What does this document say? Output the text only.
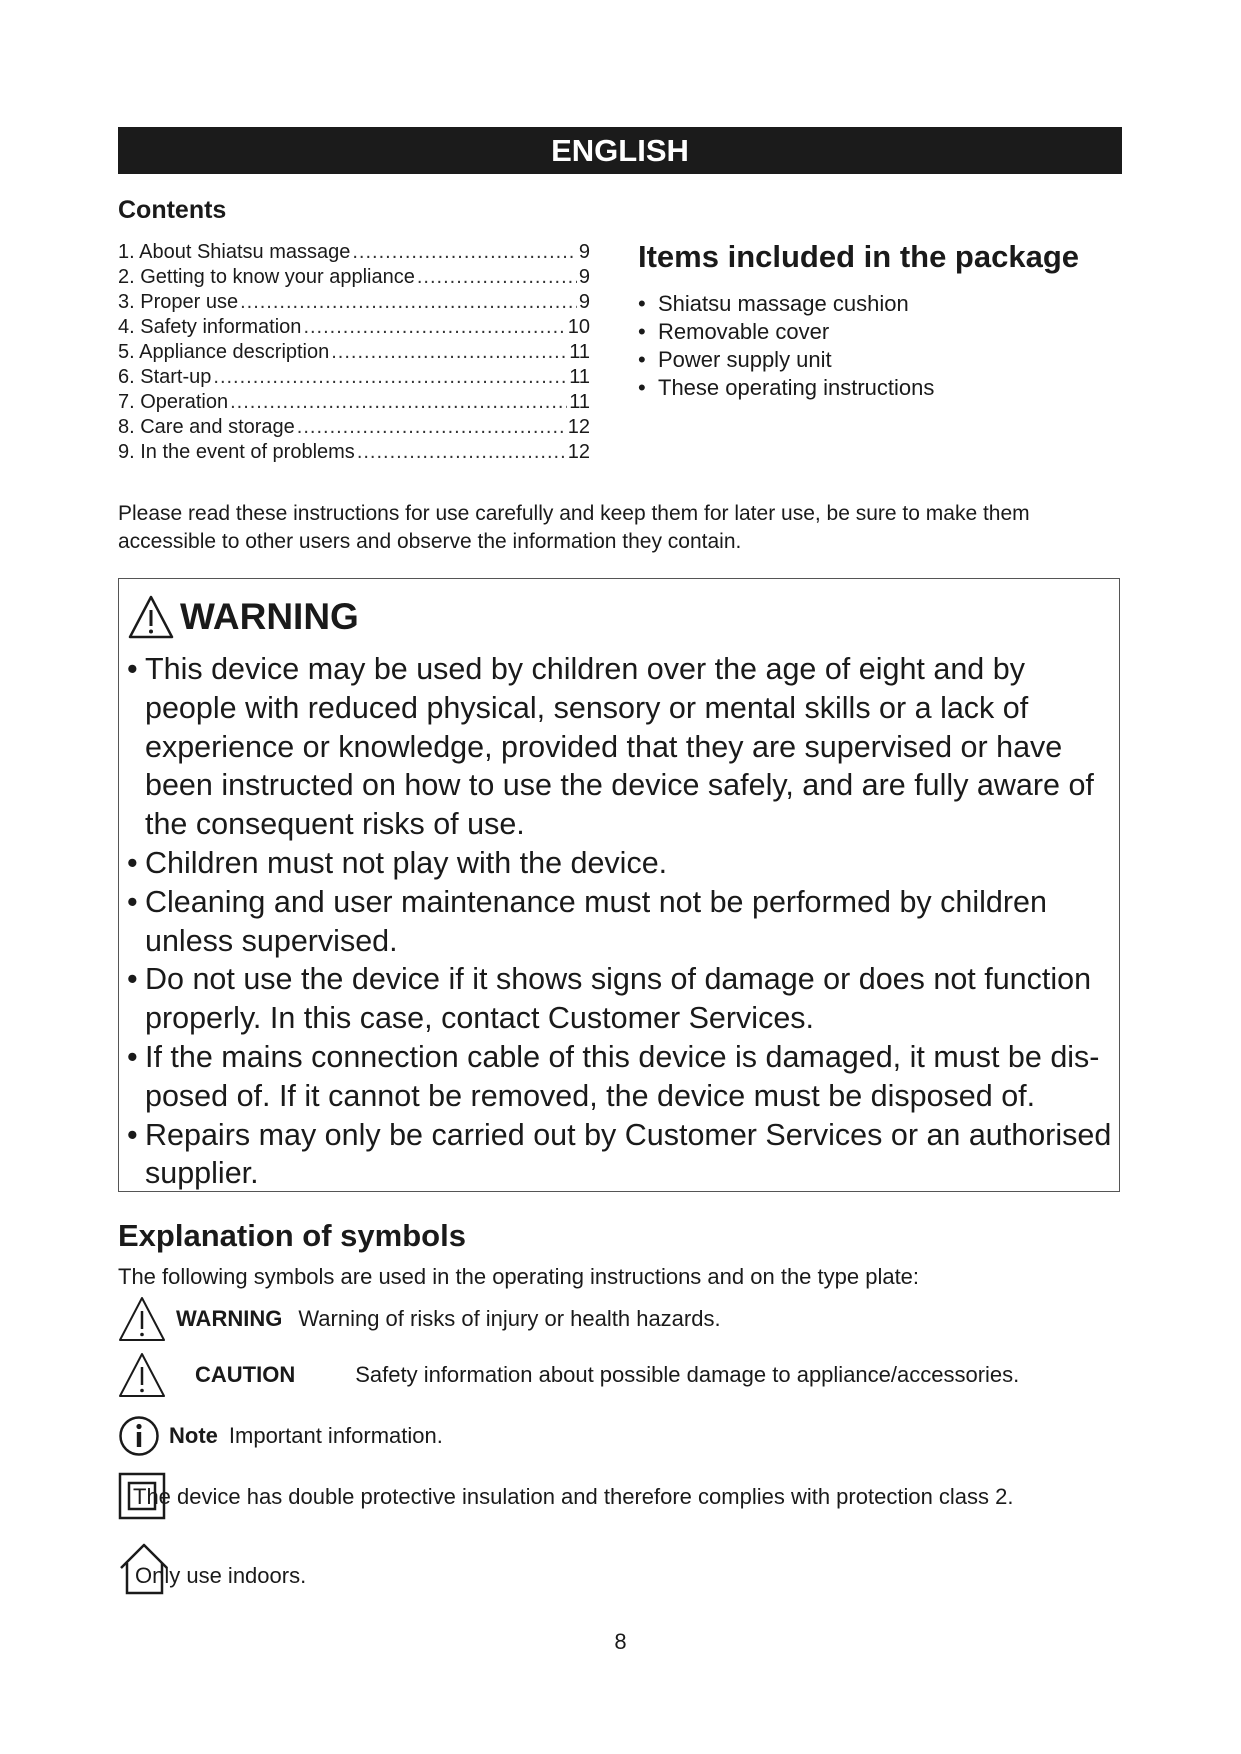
ENGLISH
Contents
1. About Shiatsu massage .....	9
2. Getting to know your appliance .....	9
3. Proper use .....	9
4. Safety information .....	10
5. Appliance description .....	11
6. Start-up .....	11
7. Operation .....	11
8. Care and storage .....	12
9. In the event of problems .....	12
Items included in the package
• Shiatsu massage cushion
• Removable cover
• Power supply unit
• These operating instructions
Please read these instructions for use carefully and keep them for later use, be sure to make them accessible to other users and observe the information they contain.
WARNING
• This device may be used by children over the age of eight and by people with reduced physical, sensory or mental skills or a lack of experience or knowledge, provided that they are supervised or have been instructed on how to use the device safely, and are fully aware of the consequent risks of use.
• Children must not play with the device.
• Cleaning and user maintenance must not be performed by children unless supervised.
• Do not use the device if it shows signs of damage or does not function properly. In this case, contact Customer Services.
• If the mains connection cable of this device is damaged, it must be dis-posed of. If it cannot be removed, the device must be disposed of.
• Repairs may only be carried out by Customer Services or an authorised supplier.
Explanation of symbols
The following symbols are used in the operating instructions and on the type plate:
WARNING Warning of risks of injury or health hazards.
CAUTION	Safety information about possible damage to appliance/accessories.
Note Important information.
The device has double protective insulation and therefore complies with protection class 2.
Only use indoors.
8
